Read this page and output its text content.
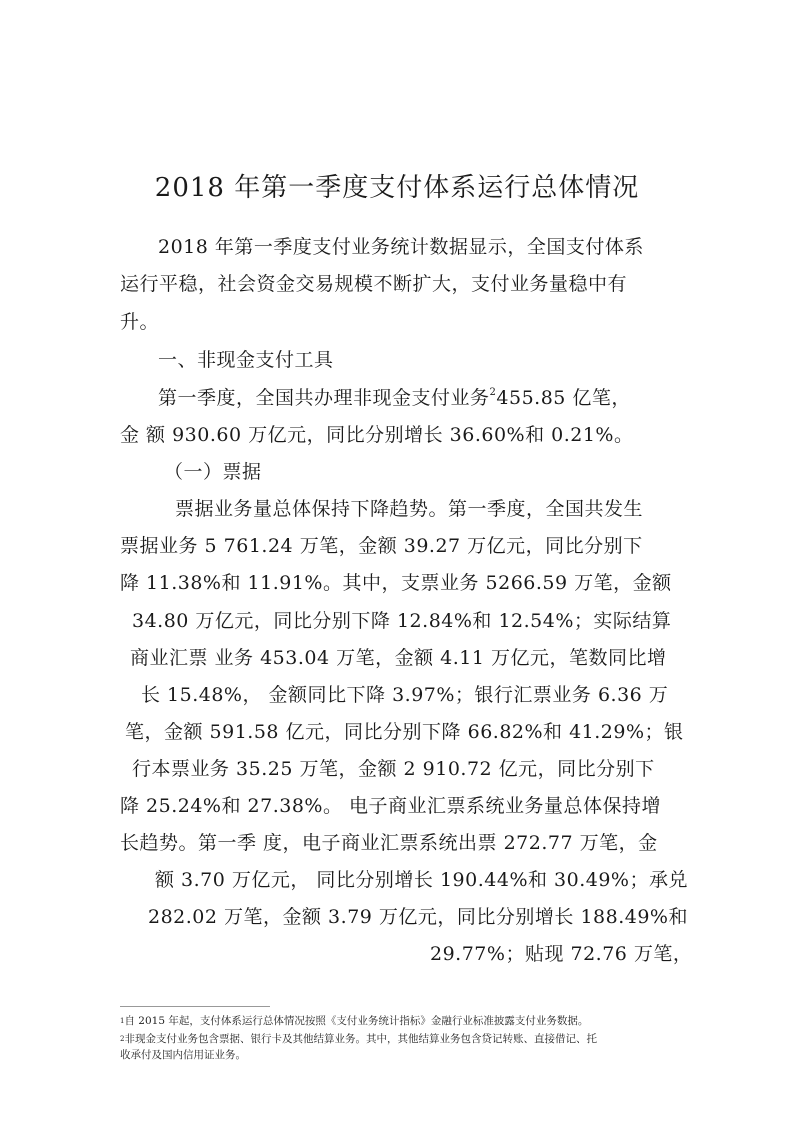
2018 年第一季度支付体系运行总体情况

2018 年第一季度支付业务统计数据显示，全国支付体系

运行平稳，社会资金交易规模不断扩大，支付业务量稳中有

升。

一、非现金支付工具

第一季度，全国共办理非现金支付业务$^2$455.85 亿笔，

金 额 930.60 万亿元，同比分别增长 36.60%和 0.21%。

（一）票据

票据业务量总体保持下降趋势。第一季度，全国共发生

票据业务 5 761.24 万笔，金额 39.27 万亿元，同比分别下

降 11.38%和 11.91%。其中，支票业务 5266.59 万笔，金额

34.80 万亿元，同比分别下降 12.84%和 12.54%；实际结算

商业汇票 业务 453.04 万笔，金额 4.11 万亿元，笔数同比增

长 15.48%， 金额同比下降 3.97%；银行汇票业务 6.36 万

笔，金额 591.58 亿元，同比分别下降 66.82%和 41.29%；银

行本票业务 35.25 万笔，金额 2 910.72 亿元，同比分别下

降 25.24%和 27.38%。 电子商业汇票系统业务量总体保持增

长趋势。第一季 度，电子商业汇票系统出票 272.77 万笔，金

额 3.70 万亿元， 同比分别增长 190.44%和 30.49%；承兑

282.02 万笔，金额 3.79 万亿元，同比分别增长 188.49%和

29.77%；贴现 72.76 万笔，

$^1$自 2015 年起，支付体系运行总体情况按照《支付业务统计指标》金融行业标准披露支付业务数据。
$^2$非现金支付业务包含票据、银行卡及其他结算业务。其中，其他结算业务包含贷记转账、直接借记、托
收承付及国内信用证业务。
